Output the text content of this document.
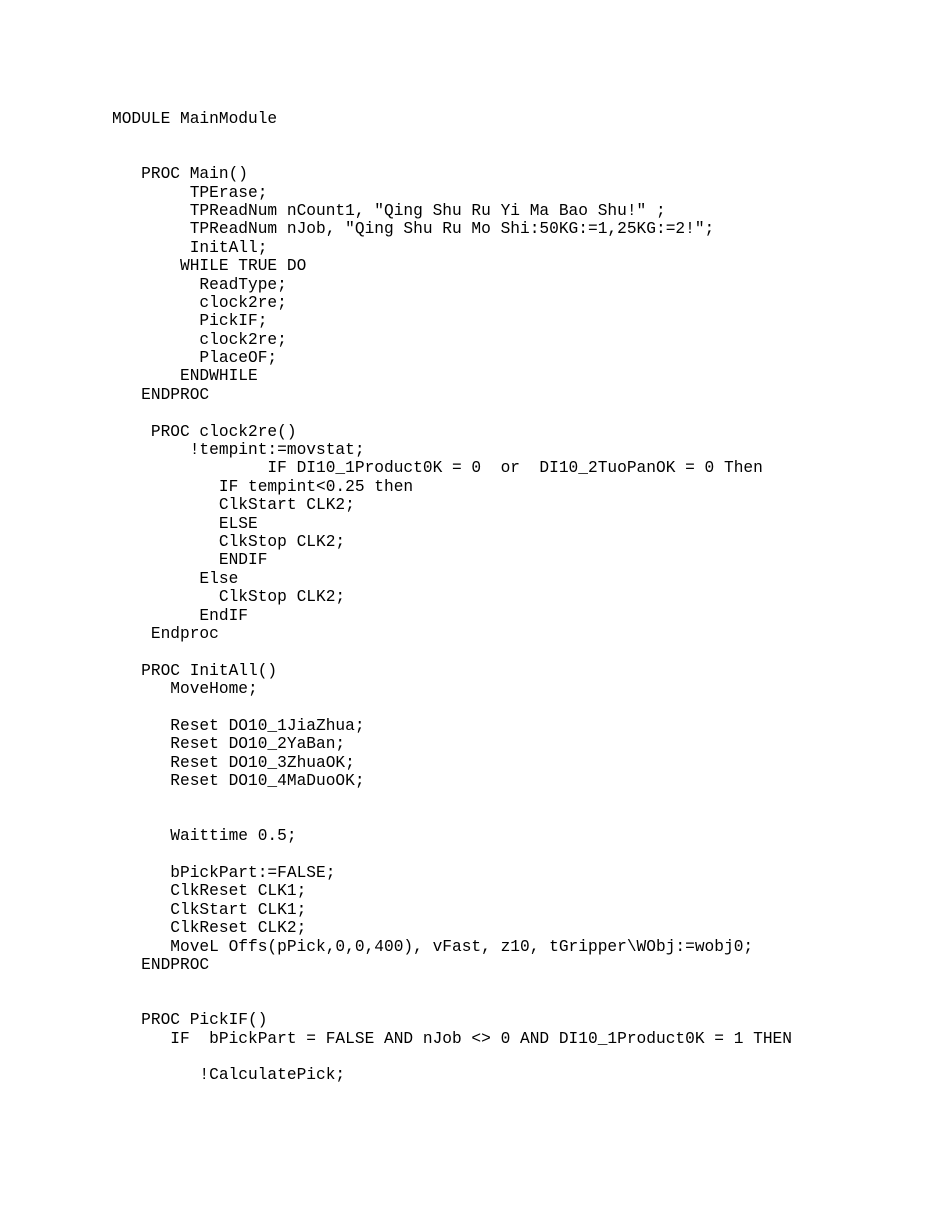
MODULE MainModule
PROC Main()
TPErase;
TPReadNum nCount1, "Qing Shu Ru Yi Ma Bao Shu!" ;
TPReadNum nJob, "Qing Shu Ru Mo Shi:50KG:=1,25KG:=2!";
InitAll;
WHILE TRUE DO
ReadType;
clock2re;
PickIF;
clock2re;
PlaceOF;
ENDWHILE
ENDPROC
PROC clock2re()
!tempint:=movstat;
IF DI10_1Product0K = 0  or  DI10_2TuoPanOK = 0 Then
IF tempint<0.25 then
ClkStart CLK2;
ELSE
ClkStop CLK2;
ENDIF
Else
ClkStop CLK2;
EndIF
Endproc
PROC InitAll()
MoveHome;
Reset DO10_1JiaZhua;
Reset DO10_2YaBan;
Reset DO10_3ZhuaOK;
Reset DO10_4MaDuoOK;
Waittime 0.5;
bPickPart:=FALSE;
ClkReset CLK1;
ClkStart CLK1;
ClkReset CLK2;
MoveL Offs(pPick,0,0,400), vFast, z10, tGripper\WObj:=wobj0;
ENDPROC
PROC PickIF()
IF  bPickPart = FALSE AND nJob <> 0 AND DI10_1Product0K = 1 THEN
!CalculatePick;
